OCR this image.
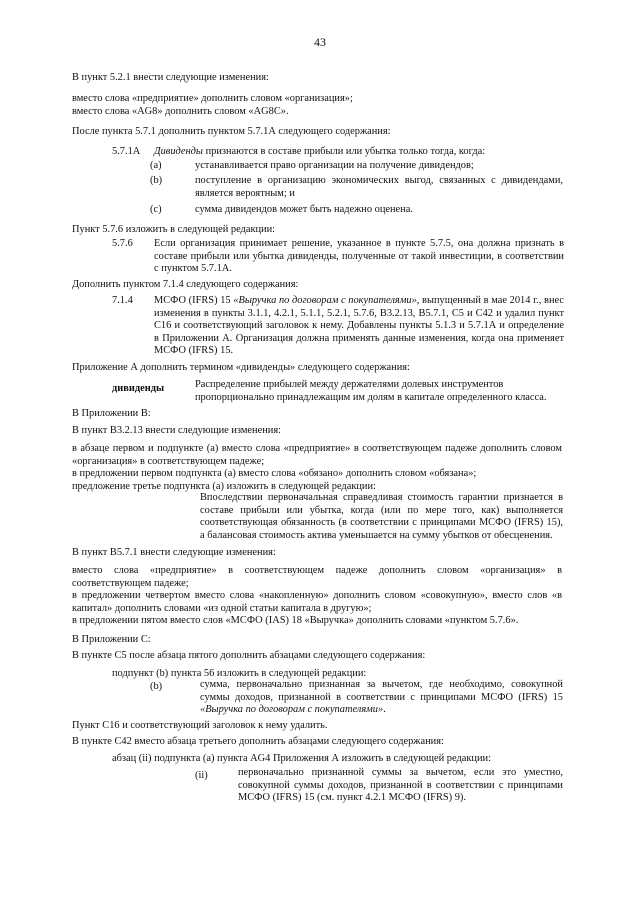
43
В пункт 5.2.1 внести следующие изменения:
вместо слова «предприятие» дополнить словом «организация»;
вместо слова «AG8» дополнить словом «AG8С».
После пункта 5.7.1 дополнить пунктом 5.7.1А следующего содержания:
5.7.1А Дивиденды признаются в составе прибыли или убытка только тогда, когда:
(a)	устанавливается право организации на получение дивидендов;
(b)	поступление в организацию экономических выгод, связанных с дивидендами, является вероятным; и
(c)	сумма дивидендов может быть надежно оценена.
Пункт 5.7.6 изложить в следующей редакции:
5.7.6 Если организация принимает решение, указанное в пункте 5.7.5, она должна признать в составе прибыли или убытка дивиденды, полученные от такой инвестиции, в соответствии с пунктом 5.7.1А.
Дополнить пунктом 7.1.4 следующего содержания:
7.1.4 МСФО (IFRS) 15 «Выручка по договорам с покупателями», выпущенный в мае 2014 г., внес изменения в пункты 3.1.1, 4.2.1, 5.1.1, 5.2.1, 5.7.6, B3.2.13, B5.7.1, C5 и C42 и удалил пункт C16 и соответствующий заголовок к нему. Добавлены пункты 5.1.3 и 5.7.1А и определение в Приложении А. Организация должна применять данные изменения, когда она применяет МСФО (IFRS) 15.
Приложение А дополнить термином «дивиденды» следующего содержания:
дивиденды	Распределение прибылей между держателями долевых инструментов пропорционально принадлежащим им долям в капитале определенного класса.
В Приложении В:
В пункт B3.2.13 внести следующие изменения:
в абзаце первом и подпункте (а) вместо слова «предприятие» в соответствующем падеже дополнить словом «организация» в соответствующем падеже;
в предложении первом подпункта (а) вместо слова «обязано» дополнить словом «обязана»;
предложение третье подпункта (а) изложить в следующей редакции:
Впоследствии первоначальная справедливая стоимость гарантии признается в составе прибыли или убытка, когда (или по мере того, как) выполняется соответствующая обязанность (в соответствии с принципами МСФО (IFRS) 15), а балансовая стоимость актива уменьшается на сумму убытков от обесценения.
В пункт B5.7.1 внести следующие изменения:
вместо слова «предприятие» в соответствующем падеже дополнить словом «организация» в соответствующем падеже;
в предложении четвертом вместо слова «накопленную» дополнить словом «совокупную», вместо слов «в капитал» дополнить словами «из одной статьи капитала в другую»;
в предложении пятом вместо слов «МСФО (IAS) 18 «Выручка» дополнить словами «пунктом 5.7.6».
В Приложении C:
В пункте C5 после абзаца пятого дополнить абзацами следующего содержания:
подпункт (b) пункта 56 изложить в следующей редакции:
(b)	сумма, первоначально признанная за вычетом, где необходимо, совокупной суммы доходов, признанной в соответствии с принципами МСФО (IFRS) 15 «Выручка по договорам с покупателями».
Пункт C16 и соответствующий заголовок к нему удалить.
В пункте C42 вместо абзаца третьего дополнить абзацами следующего содержания:
абзац (ii) подпункта (а) пункта AG4 Приложения А изложить в следующей редакции:
(ii)	первоначально признанной суммы за вычетом, если это уместно, совокупной суммы доходов, признанной в соответствии с принципами МСФО (IFRS) 15 (см. пункт 4.2.1 МСФО (IFRS) 9).
